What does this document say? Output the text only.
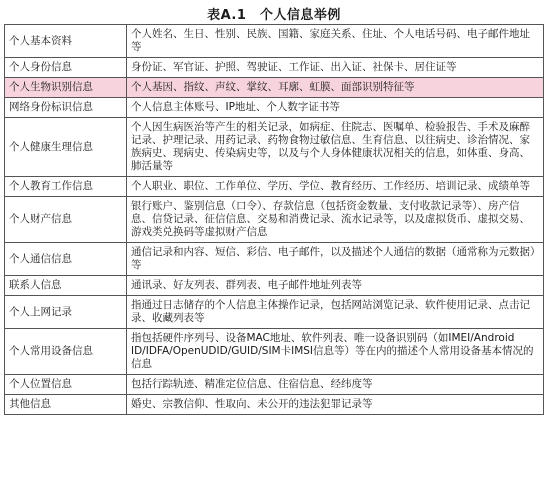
表A.1　个人信息举例
个人基本资料	个人姓名、生日、性别、民族、国籍、家庭关系、住址、个人电话号码、电子邮件地址等
个人身份信息	身份证、军官证、护照、驾驶证、工作证、出入证、社保卡、居住证等
个人生物识别信息	个人基因、指纹、声纹、掌纹、耳廓、虹膜、面部识别特征等
网络身份标识信息	个人信息主体账号、IP地址、个人数字证书等
个人健康生理信息	个人因生病医治等产生的相关记录，如病症、住院志、医嘱单、检验报告、手术及麻醉记录、护理记录、用药记录、药物食物过敏信息、生育信息、以往病史、诊治情况、家族病史、现病史、传染病史等，以及与个人身体健康状况相关的信息，如体重、身高、肺活量等
个人教育工作信息	个人职业、职位、工作单位、学历、学位、教育经历、工作经历、培训记录、成绩单等
个人财产信息	银行账户、鉴别信息（口令）、存款信息（包括资金数量、支付收款记录等）、房产信息、信贷记录、征信信息、交易和消费记录、流水记录等，以及虚拟货币、虚拟交易、游戏类兑换码等虚拟财产信息
个人通信信息	通信记录和内容、短信、彩信、电子邮件，以及描述个人通信的数据（通常称为元数据）等
联系人信息	通讯录、好友列表、群列表、电子邮件地址列表等
个人上网记录	指通过日志储存的个人信息主体操作记录，包括网站浏览记录、软件使用记录、点击记录、收藏列表等
个人常用设备信息	指包括硬件序列号、设备MAC地址、软件列表、唯一设备识别码（如IMEI/Android ID/IDFA/OpenUDID/GUID/SIM卡IMSI信息等）等在内的描述个人常用设备基本情况的信息
个人位置信息	包括行踪轨迹、精准定位信息、住宿信息、经纬度等
其他信息	婚史、宗教信仰、性取向、未公开的违法犯罪记录等
